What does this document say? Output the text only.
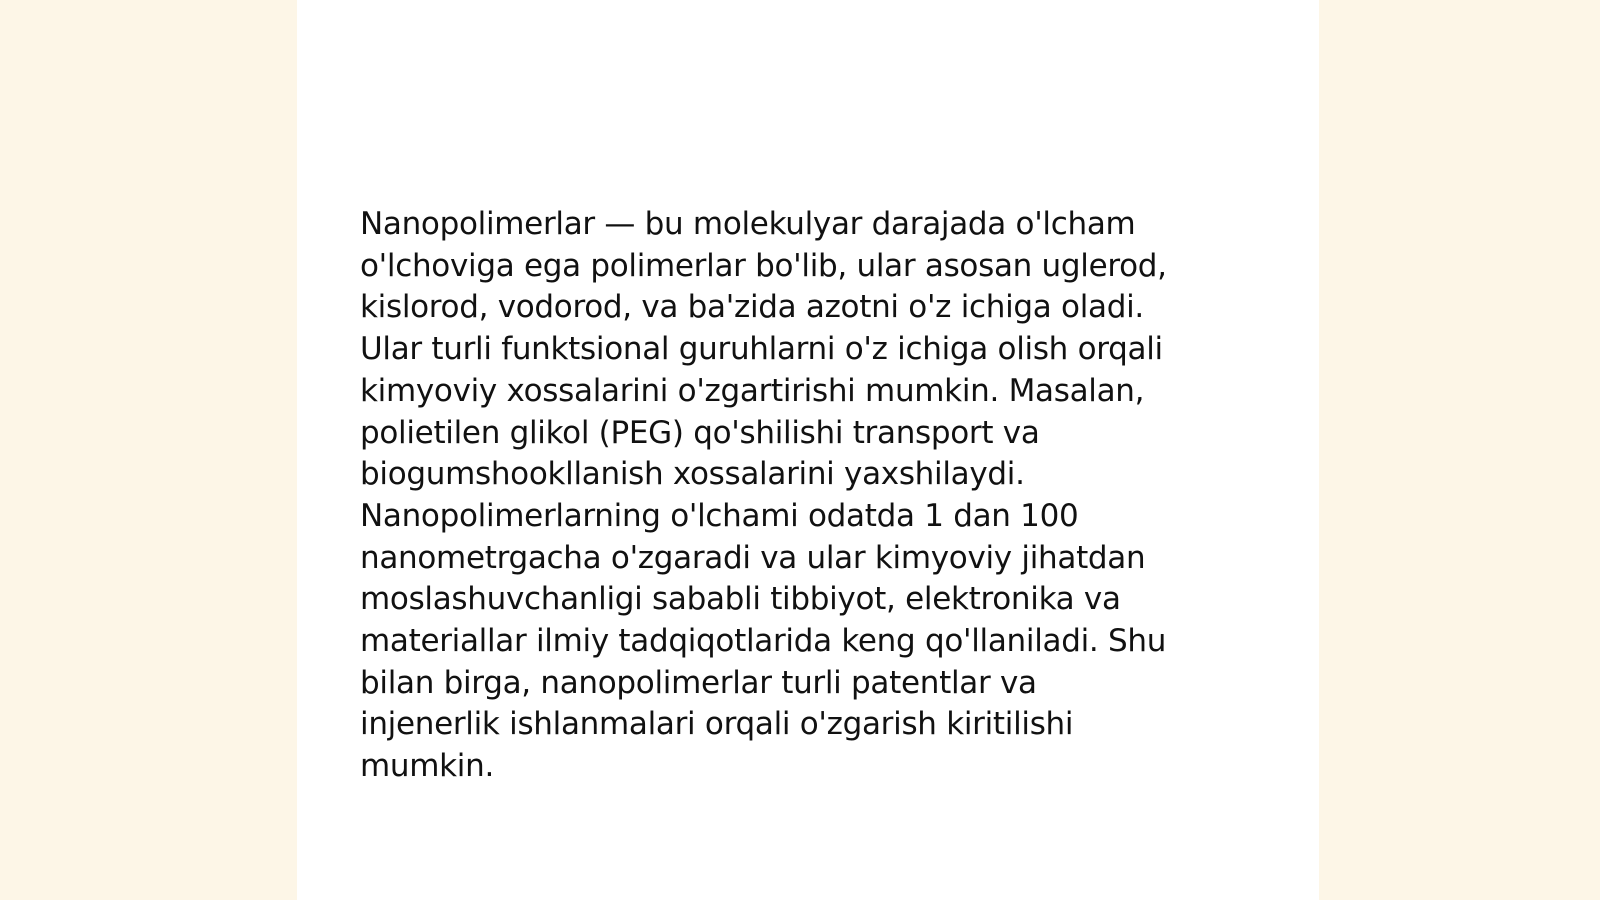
Nanopolimerlar — bu molekulyar darajada o'lcham
o'lchoviga ega polimerlar bo'lib, ular asosan uglerod,
kislorod, vodorod, va ba'zida azotni o'z ichiga oladi.
Ular turli funktsional guruhlarni o'z ichiga olish orqali
kimyoviy xossalarini o'zgartirishi mumkin. Masalan,
polietilen glikol (PEG) qo'shilishi transport va
biogumshookllanish xossalarini yaxshilaydi.
Nanopolimerlarning o'lchami odatda 1 dan 100
nanometrgacha o'zgaradi va ular kimyoviy jihatdan
moslashuvchanligi sababli tibbiyot, elektronika va
materiallar ilmiy tadqiqotlarida keng qo'llaniladi. Shu
bilan birga, nanopolimerlar turli patentlar va
injenerlik ishlanmalari orqali o'zgarish kiritilishi
mumkin.
